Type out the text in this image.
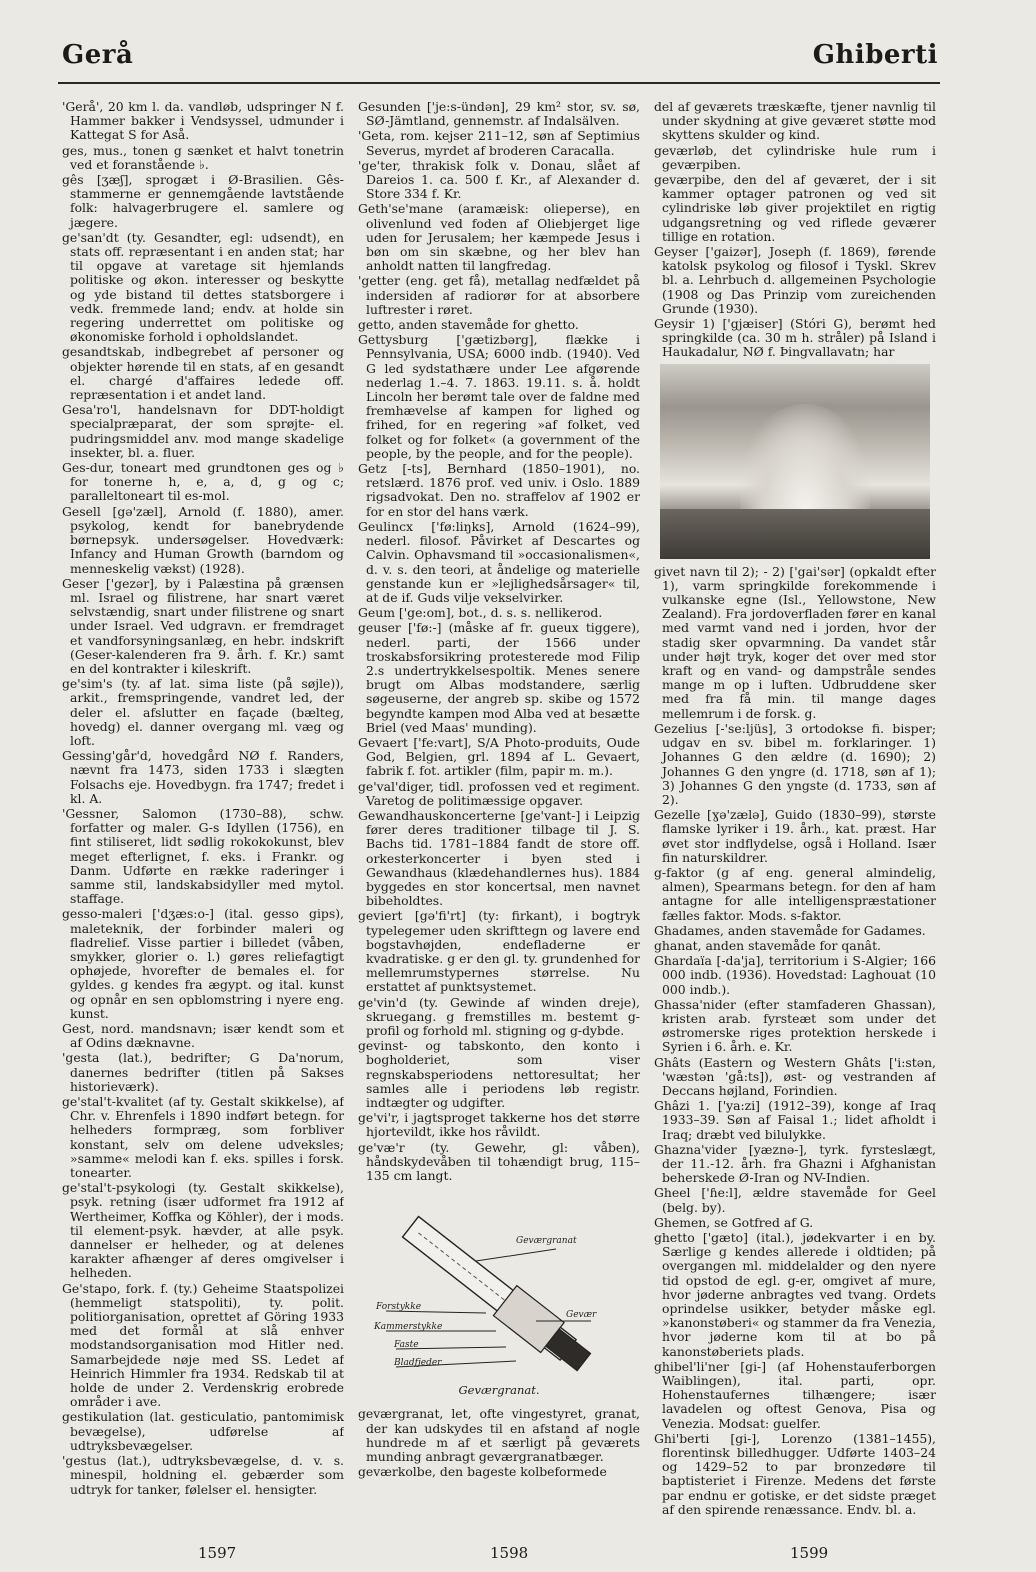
Gerå	Ghiberti
'Gerå', 20 km l. da. vandløb, udspringer N f. Hammer bakker i Vendsyssel, udmunder i Kattegat S for Aså.
ges, mus., tonen g sænket et halvt tonetrin ved et foranstående ♭.
gês [ʒæʃ], sprogæt i Ø-Brasilien. Gês-stammerne er gennemgående lavtstående folk: halvagerbrugere el. samlere og jægere.
ge'san'dt (ty. Gesandter, egl: udsendt), en stats off. repræsentant i en anden stat; har til opgave at varetage sit hjemlands politiske og økon. interesser og beskytte og yde bistand til dettes statsborgere i vedk. fremmede land; endv. at holde sin regering underrettet om politiske og økonomiske forhold i opholdslandet.
gesandtskab, indbegrebet af personer og objekter hørende til en stats, af en gesandt el. chargé d'affaires ledede off. repræsentation i et andet land.
Gesa'ro'l, handelsnavn for DDT-holdigt specialpræparat, der som sprøjte- el. pudringsmiddel anv. mod mange skadelige insekter, bl. a. fluer.
Ges-dur, toneart med grundtonen ges og ♭ for tonerne h, e, a, d, g og c; paralleltoneart til es-mol.
Gesell [gə'zæl], Arnold (f. 1880), amer. psykolog, kendt for banebrydende børnepsyk. undersøgelser. Hovedværk: Infancy and Human Growth (barndom og menneskelig vækst) (1928).
Geser ['gezər], by i Palæstina på grænsen ml. Israel og filistrene, har snart været selvstændig, snart under filistrene og snart under Israel. Ved udgravn. er fremdraget et vandforsyningsanlæg, en hebr. indskrift (Geser-kalenderen fra 9. årh. f. Kr.) samt en del kontrakter i kileskrift.
ge'sim's (ty. af lat. sima liste (på søjle)), arkit., fremspringende, vandret led, der deler el. afslutter en façade (bælteg, hovedg) el. danner overgang ml. væg og loft.
Gessing'går'd, hovedgård NØ f. Randers, nævnt fra 1473, siden 1733 i slægten Folsachs eje. Hovedbygn. fra 1747; fredet i kl. A.
'Gessner, Salomon (1730–88), schw. forfatter og maler. G-s Idyllen (1756), en fint stiliseret, lidt sødlig rokokokunst, blev meget efterlignet, f. eks. i Frankr. og Danm. Udførte en række raderinger i samme stil, landskabsidyller med mytol. staffage.
gesso-maleri ['dʒæs:o-] (ital. gesso gips), maleteknik, der forbinder maleri og fladrelief. Visse partier i billedet (våben, smykker, glorier o. l.) gøres reliefagtigt ophøjede, hvorefter de bemales el. for gyldes. g kendes fra ægypt. og ital. kunst og opnår en sen opblomstring i nyere eng. kunst.
Gest, nord. mandsnavn; især kendt som et af Odins dæknavne.
'gesta (lat.), bedrifter; G Da'norum, danernes bedrifter (titlen på Sakses historieværk).
ge'stal't-kvalitet (af ty. Gestalt skikkelse), af Chr. v. Ehrenfels i 1890 indført betegn. for helheders formpræg, som forbliver konstant, selv om delene udveksles; »samme« melodi kan f. eks. spilles i forsk. tonearter.
ge'stal't-psykologi (ty. Gestalt skikkelse), psyk. retning (især udformet fra 1912 af Wertheimer, Koffka og Köhler), der i mods. til element-psyk. hævder, at alle psyk. dannelser er helheder, og at delenes karakter afhænger af deres omgivelser i helheden.
Ge'stapo, fork. f. (ty.) Geheime Staatspolizei (hemmeligt statspoliti), ty. polit. politiorganisation, oprettet af Göring 1933 med det formål at slå enhver modstandsorganisation mod Hitler ned. Samarbejdede nøje med SS. Ledet af Heinrich Himmler fra 1934. Redskab til at holde de under 2. Verdenskrig erobrede områder i ave.
gestikulation (lat. gesticulatio, pantomimisk bevægelse), udførelse af udtryksbevægelser.
'gestus (lat.), udtryksbevægelse, d. v. s. minespil, holdning el. gebærder som udtryk for tanker, følelser el. hensigter.
Gesunden ['je:s-ündən], 29 km² stor, sv. sø, SØ-Jämtland, gennemstr. af Indalsälven.
'Geta, rom. kejser 211–12, søn af Septimius Severus, myrdet af broderen Caracalla.
'ge'ter, thrakisk folk v. Donau, slået af Dareios 1. ca. 500 f. Kr., af Alexander d. Store 334 f. Kr.
Geth'se'mane (aramæisk: olieperse), en olivenlund ved foden af Oliebjerget lige uden for Jerusalem; her kæmpede Jesus i bøn om sin skæbne, og her blev han anholdt natten til langfredag.
'getter (eng. get få), metallag nedfældet på indersiden af radiorør for at absorbere luftrester i røret.
getto, anden stavemåde for ghetto.
Gettysburg ['gætizbərg], flække i Pennsylvania, USA; 6000 indb. (1940). Ved G led sydstathære under Lee afgørende nederlag 1.–4. 7. 1863. 19.11. s. å. holdt Lincoln her berømt tale over de faldne med fremhævelse af kampen for lighed og frihed, for en regering »af folket, ved folket og for folket« (a government of the people, by the people, and for the people).
Getz [-ts], Bernhard (1850–1901), no. retslærd. 1876 prof. ved univ. i Oslo. 1889 rigsadvokat. Den no. straffelov af 1902 er for en stor del hans værk.
Geulincx ['fø:liŋks], Arnold (1624–99), nederl. filosof. Påvirket af Descartes og Calvin. Ophavsmand til »occasionalismen«, d. v. s. den teori, at åndelige og materielle genstande kun er »lejlighedsårsager« til, at de if. Guds vilje vekselvirker.
Geum ['ge:om], bot., d. s. s. nellikerod.
geuser ['fø:-] (måske af fr. gueux tiggere), nederl. parti, der 1566 under troskabsforsikring protesterede mod Filip 2.s undertrykkelsespoltik. Menes senere brugt om Albas modstandere, særlig søgeuserne, der angreb sp. skibe og 1572 begyndte kampen mod Alba ved at besætte Briel (ved Maas' munding).
Gevaert ['fe:vart], S/A Photo-produits, Oude God, Belgien, grl. 1894 af L. Gevaert, fabrik f. fot. artikler (film, papir m. m.).
ge'val'diger, tidl. profossen ved et regiment. Varetog de politimæssige opgaver.
Gewandhauskoncerterne [ge'vant-] i Leipzig fører deres traditioner tilbage til J. S. Bachs tid. 1781–1884 fandt de store off. orkesterkoncerter i byen sted i Gewandhaus (klædehandlernes hus). 1884 byggedes en stor koncertsal, men navnet bibeholdtes.
geviert [gə'fi'rt] (ty: firkant), i bogtryk typelegemer uden skrifttegn og lavere end bogstavhøjden, endefladerne er kvadratiske. g er den gl. ty. grundenhed for mellemrumstypernes størrelse. Nu erstattet af punktsystemet.
ge'vin'd (ty. Gewinde af winden dreje), skruegang. g fremstilles m. bestemt g-profil og forhold ml. stigning og g-dybde.
gevinst- og tabskonto, den konto i bogholderiet, som viser regnskabsperiodens nettoresultat; her samles alle i periodens løb registr. indtægter og udgifter.
ge'vi'r, i jagtsproget takkerne hos det større hjortevildt, ikke hos råvildt.
ge'væ'r (ty. Gewehr, gl: våben), håndskydevåben til tohændigt brug, 115–135 cm langt.
Geværgranat
Forstykke
Kammerstykke
Faste
Bladfjeder
Gevær
Geværgranat.
geværgranat, let, ofte vingestyret, granat, der kan udskydes til en afstand af nogle hundrede m af et særligt på geværets munding anbragt geværgranatbæger.
geværkolbe, den bageste kolbeformede
del af geværets træskæfte, tjener navnlig til under skydning at give geværet støtte mod skyttens skulder og kind.
geværløb, det cylindriske hule rum i geværpiben.
geværpibe, den del af geværet, der i sit kammer optager patronen og ved sit cylindriske løb giver projektilet en rigtig udgangsretning og ved riflede geværer tillige en rotation.
Geyser ['gaizər], Joseph (f. 1869), førende katolsk psykolog og filosof i Tyskl. Skrev bl. a. Lehrbuch d. allgemeinen Psychologie (1908 og Das Prinzip vom zureichenden Grunde (1930).
Geysir 1) ['gjæiser] (Stóri G), berømt hed springkilde (ca. 30 m h. stråler) på Island i Haukadalur, NØ f. Þingvallavatn; har
givet navn til 2); - 2) ['gai'sər] (opkaldt efter 1), varm springkilde forekommende i vulkanske egne (Isl., Yellowstone, New Zealand). Fra jordoverfladen fører en kanal med varmt vand ned i jorden, hvor der stadig sker opvarmning. Da vandet står under højt tryk, koger det over med stor kraft og en vand- og dampstråle sendes mange m op i luften. Udbruddene sker med fra få min. til mange dages mellemrum i de forsk. g.
Gezelius [-'se:ljüs], 3 ortodokse fi. bisper; udgav en sv. bibel m. forklaringer. 1) Johannes G den ældre (d. 1690); 2) Johannes G den yngre (d. 1718, søn af 1); 3) Johannes G den yngste (d. 1733, søn af 2).
Gezelle [ɣə'zælə], Guido (1830–99), største flamske lyriker i 19. årh., kat. præst. Har øvet stor indflydelse, også i Holland. Især fin naturskildrer.
g-faktor (g af eng. general almindelig, almen), Spearmans betegn. for den af ham antagne for alle intelligenspræstationer fælles faktor. Mods. s-faktor.
Ghadames, anden stavemåde for Gadames.
ghanat, anden stavemåde for qanât.
Ghardaïa [-da'ja], territorium i S-Algier; 166 000 indb. (1936). Hovedstad: Laghouat (10 000 indb.).
Ghassa'nider (efter stamfaderen Ghassan), kristen arab. fyrsteæt som under det østromerske riges protektion herskede i Syrien i 6. årh. e. Kr.
Ghâts (Eastern og Western Ghâts ['i:stən, 'wæstən 'gå:ts]), øst- og vestranden af Deccans højland, Forindien.
Ghâzi 1. ['ya:zi] (1912–39), konge af Iraq 1933–39. Søn af Faisal 1.; lidet afholdt i Iraq; dræbt ved bilulykke.
Ghazna'vider [yæznə-], tyrk. fyrsteslægt, der 11.-12. årh. fra Ghazni i Afghanistan beherskede Ø-Iran og NV-Indien.
Gheel ['ɦe:l], ældre stavemåde for Geel (belg. by).
Ghemen, se Gotfred af G.
ghetto ['gæto] (ital.), jødekvarter i en by. Særlige g kendes allerede i oldtiden; på overgangen ml. middelalder og den nyere tid opstod de egl. g-er, omgivet af mure, hvor jøderne anbragtes ved tvang. Ordets oprindelse usikker, betyder måske egl. »kanonstøberi« og stammer da fra Venezia, hvor jøderne kom til at bo på kanonstøberiets plads.
ghibel'li'ner [gi-] (af Hohenstauferborgen Waiblingen), ital. parti, opr. Hohenstaufernes tilhængere; især lavadelen og oftest Genova, Pisa og Venezia. Modsat: guelfer.
Ghi'berti [gi-], Lorenzo (1381–1455), florentinsk billedhugger. Udførte 1403–24 og 1429–52 to par bronzedøre til baptisteriet i Firenze. Medens det første par endnu er gotiske, er det sidste præget af den spirende renæssance. Endv. bl. a.
1597	1598	1599
